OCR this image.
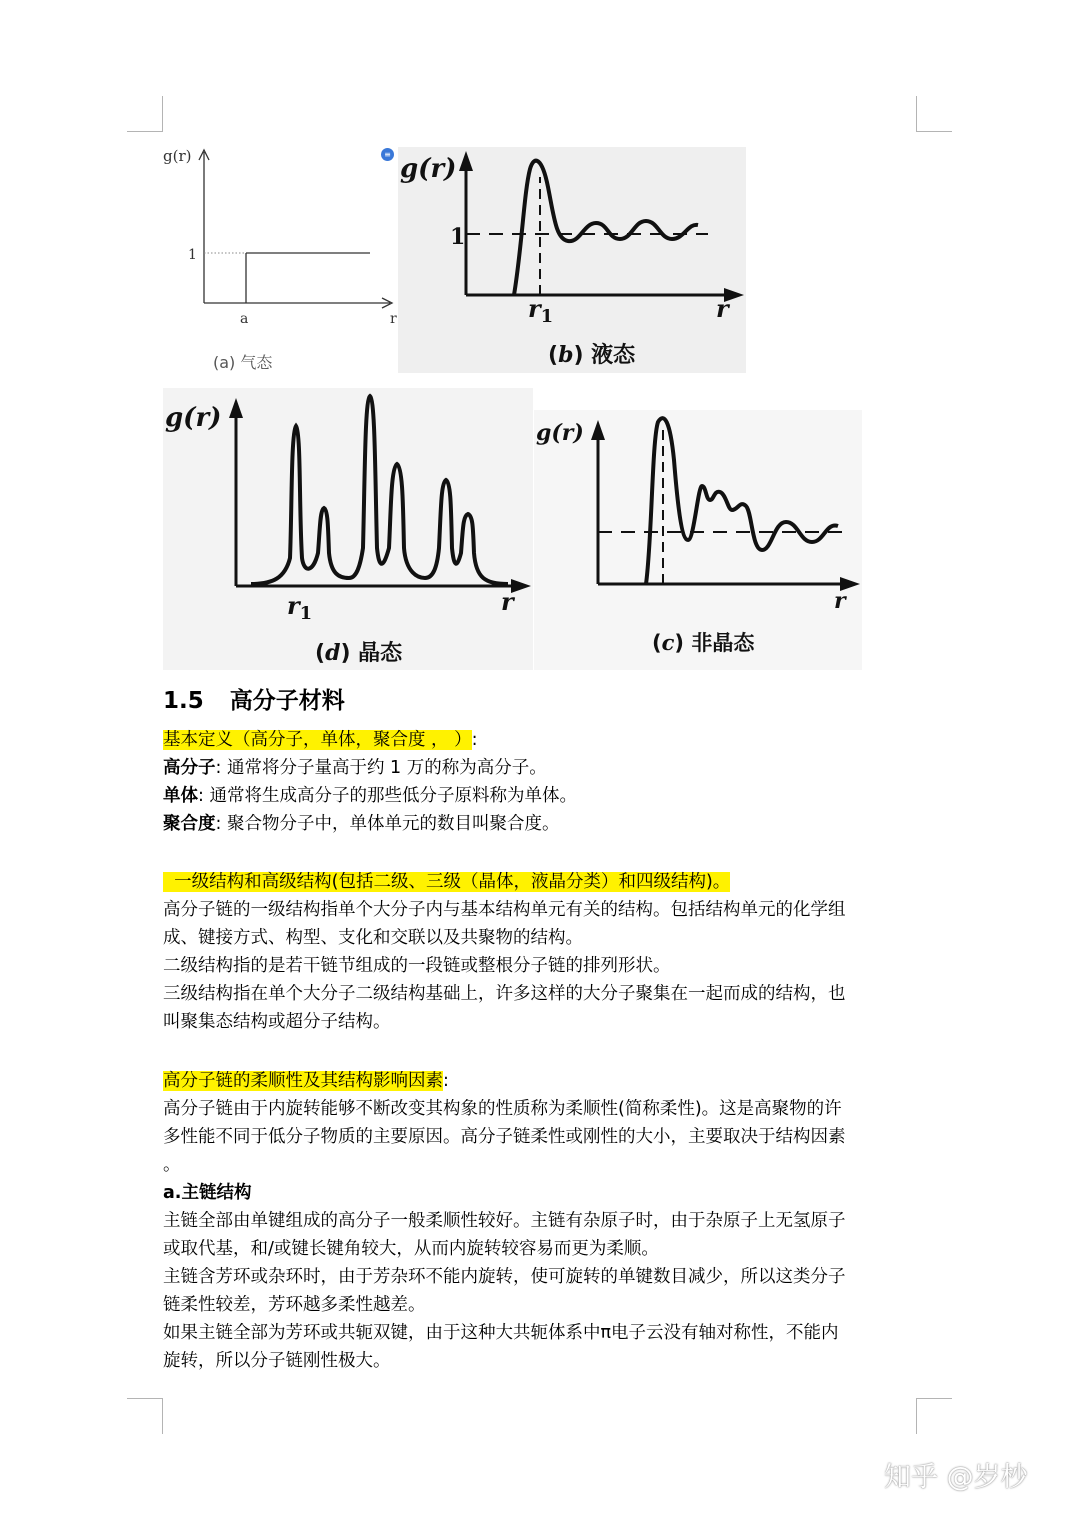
g(r)
1
a	r
(a) 气态
≡ g(r)
1
$r_1$	r
(b) 液态
g(r)
$r_1$	r
(d) 晶态
g(r)
r
(c) 非晶态
1.5 高分子材料
基本定义（高分子，单体，聚合度 ， ）:
高分子: 通常将分子量高于约 1 万的称为高分子。
单体: 通常将生成高分子的那些低分子原料称为单体。
聚合度: 聚合物分子中，单体单元的数目叫聚合度。
一级结构和高级结构(包括二级、三级（晶体，液晶分类）和四级结构)。
高分子链的一级结构指单个大分子内与基本结构单元有关的结构。包括结构单元的化学组
成、键接方式、构型、支化和交联以及共聚物的结构。
二级结构指的是若干链节组成的一段链或整根分子链的排列形状。
三级结构指在单个大分子二级结构基础上，许多这样的大分子聚集在一起而成的结构，也
叫聚集态结构或超分子结构。
高分子链的柔顺性及其结构影响因素:
高分子链由于内旋转能够不断改变其构象的性质称为柔顺性(简称柔性)。这是高聚物的许
多性能不同于低分子物质的主要原因。高分子链柔性或刚性的大小，主要取决于结构因素
。
a.主链结构
主链全部由单键组成的高分子一般柔顺性较好。主链有杂原子时，由于杂原子上无氢原子
或取代基，和/或键长键角较大，从而内旋转较容易而更为柔顺。
主链含芳环或杂环时，由于芳杂环不能内旋转，使可旋转的单键数目减少，所以这类分子
链柔性较差，芳环越多柔性越差。
如果主链全部为芳环或共轭双键，由于这种大共轭体系中π电子云没有轴对称性，不能内
旋转，所以分子链刚性极大。
知乎 @岁杪
